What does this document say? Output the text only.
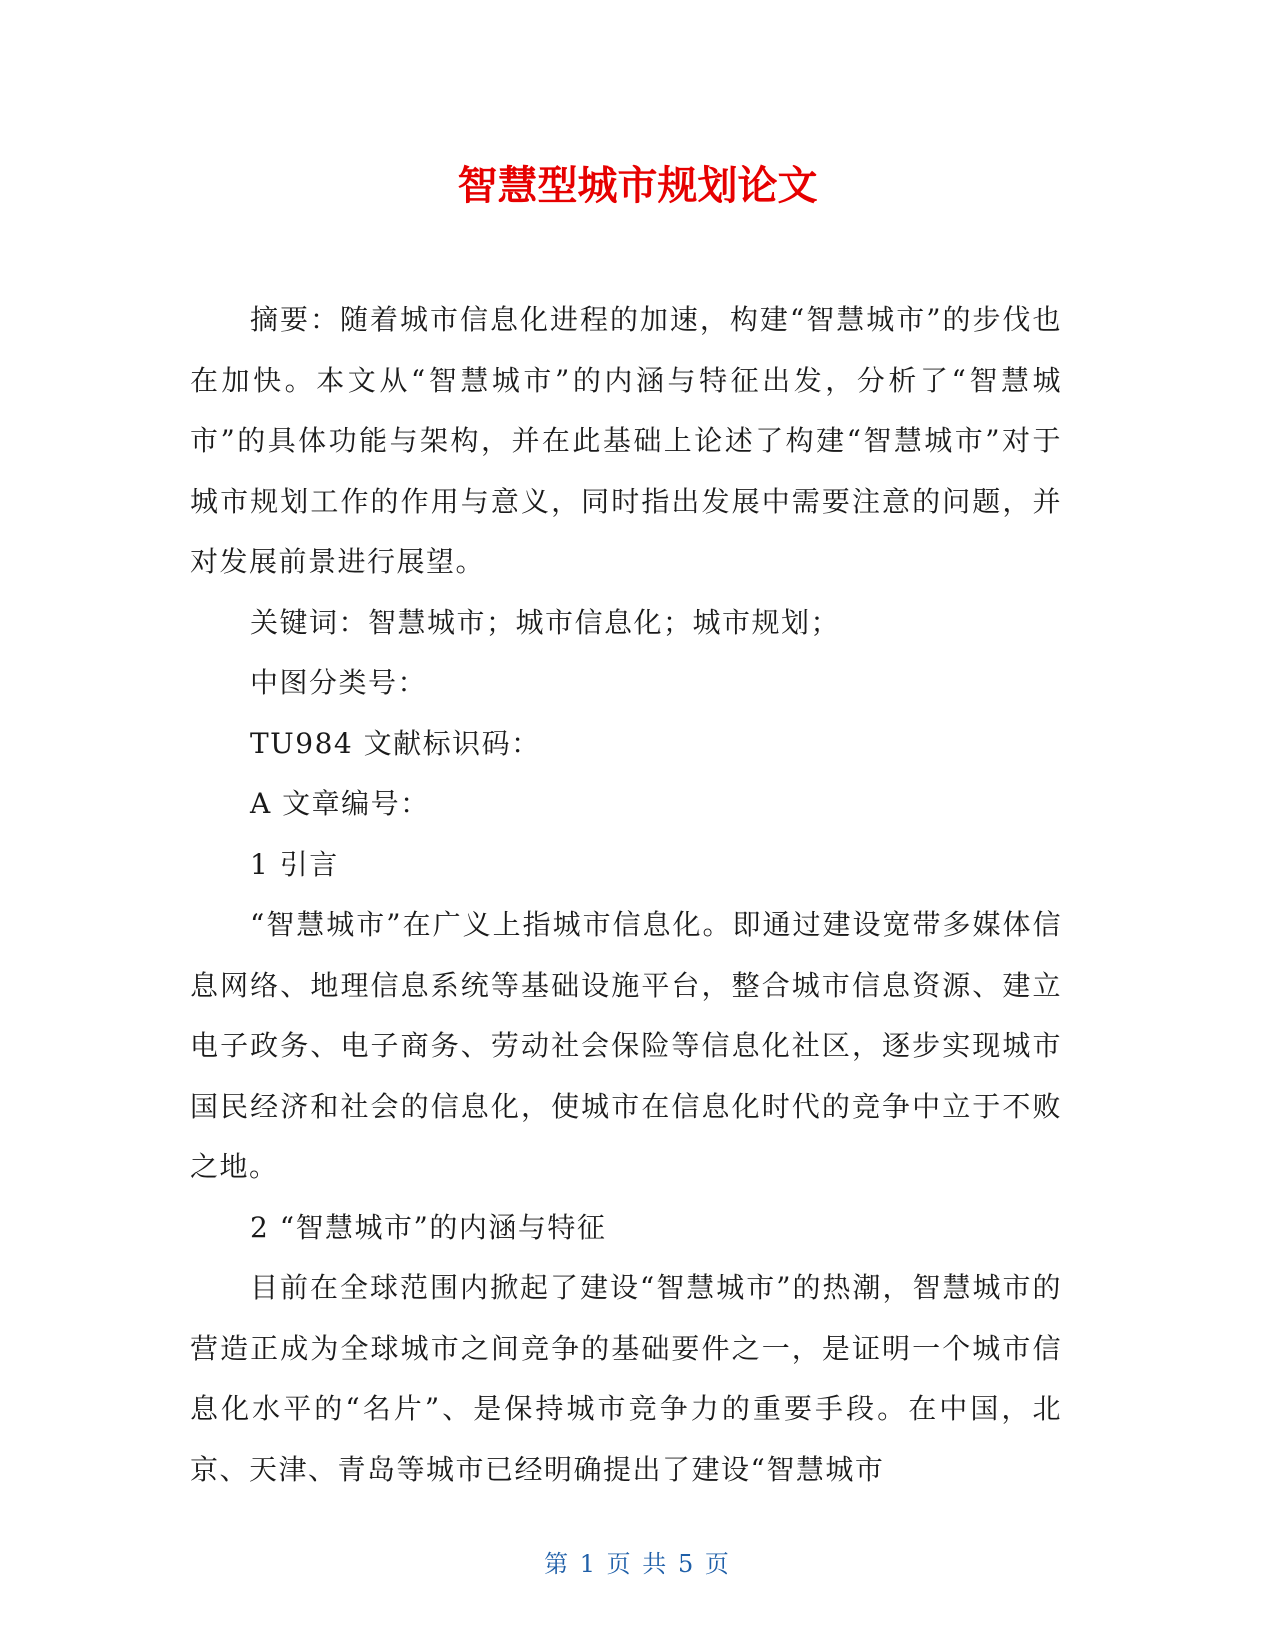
智慧型城市规划论文

摘要：随着城市信息化进程的加速，构建“智慧城市”的步伐也在加快。本文从“智慧城市”的内涵与特征出发，分析了“智慧城市”的具体功能与架构，并在此基础上论述了构建“智慧城市”对于城市规划工作的作用与意义，同时指出发展中需要注意的问题，并对发展前景进行展望。

关键词：智慧城市；城市信息化；城市规划；

中图分类号：

TU984 文献标识码：

A 文章编号：

1 引言

“智慧城市”在广义上指城市信息化。即通过建设宽带多媒体信息网络、地理信息系统等基础设施平台，整合城市信息资源、建立电子政务、电子商务、劳动社会保险等信息化社区，逐步实现城市国民经济和社会的信息化，使城市在信息化时代的竞争中立于不败之地。

2 “智慧城市”的内涵与特征

目前在全球范围内掀起了建设“智慧城市”的热潮，智慧城市的营造正成为全球城市之间竞争的基础要件之一，是证明一个城市信息化水平的“名片”、是保持城市竞争力的重要手段。在中国，北京、天津、青岛等城市已经明确提出了建设“智慧城市

第 1 页 共 5 页
